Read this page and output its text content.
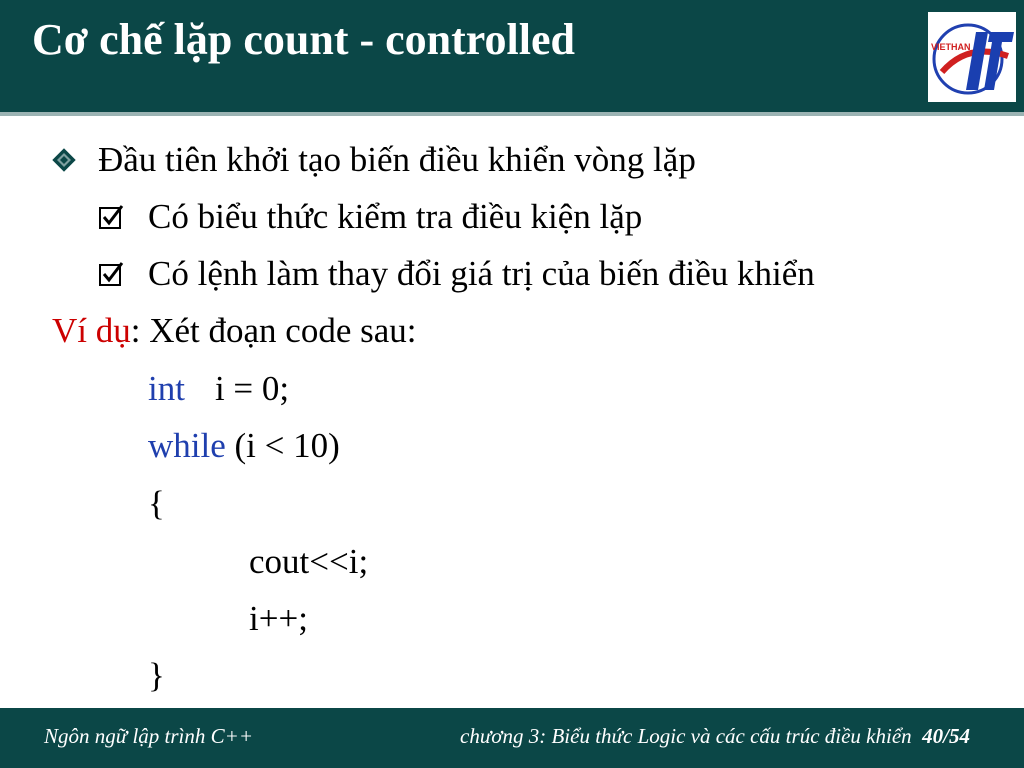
Cơ chế lặp count - controlled	VIETHAN
Đầu tiên khởi tạo biến điều khiển vòng lặp
Có biểu thức kiểm tra điều kiện lặp
Có lệnh làm thay đổi giá trị của biến điều khiển
Ví dụ: Xét đoạn code sau:
int i = 0;
while (i < 10)
{
cout<<i;
i++;
}
Ngôn ngữ lập trình C++	chương 3: Biểu thức Logic và các cấu trúc điều khiển 40/54
